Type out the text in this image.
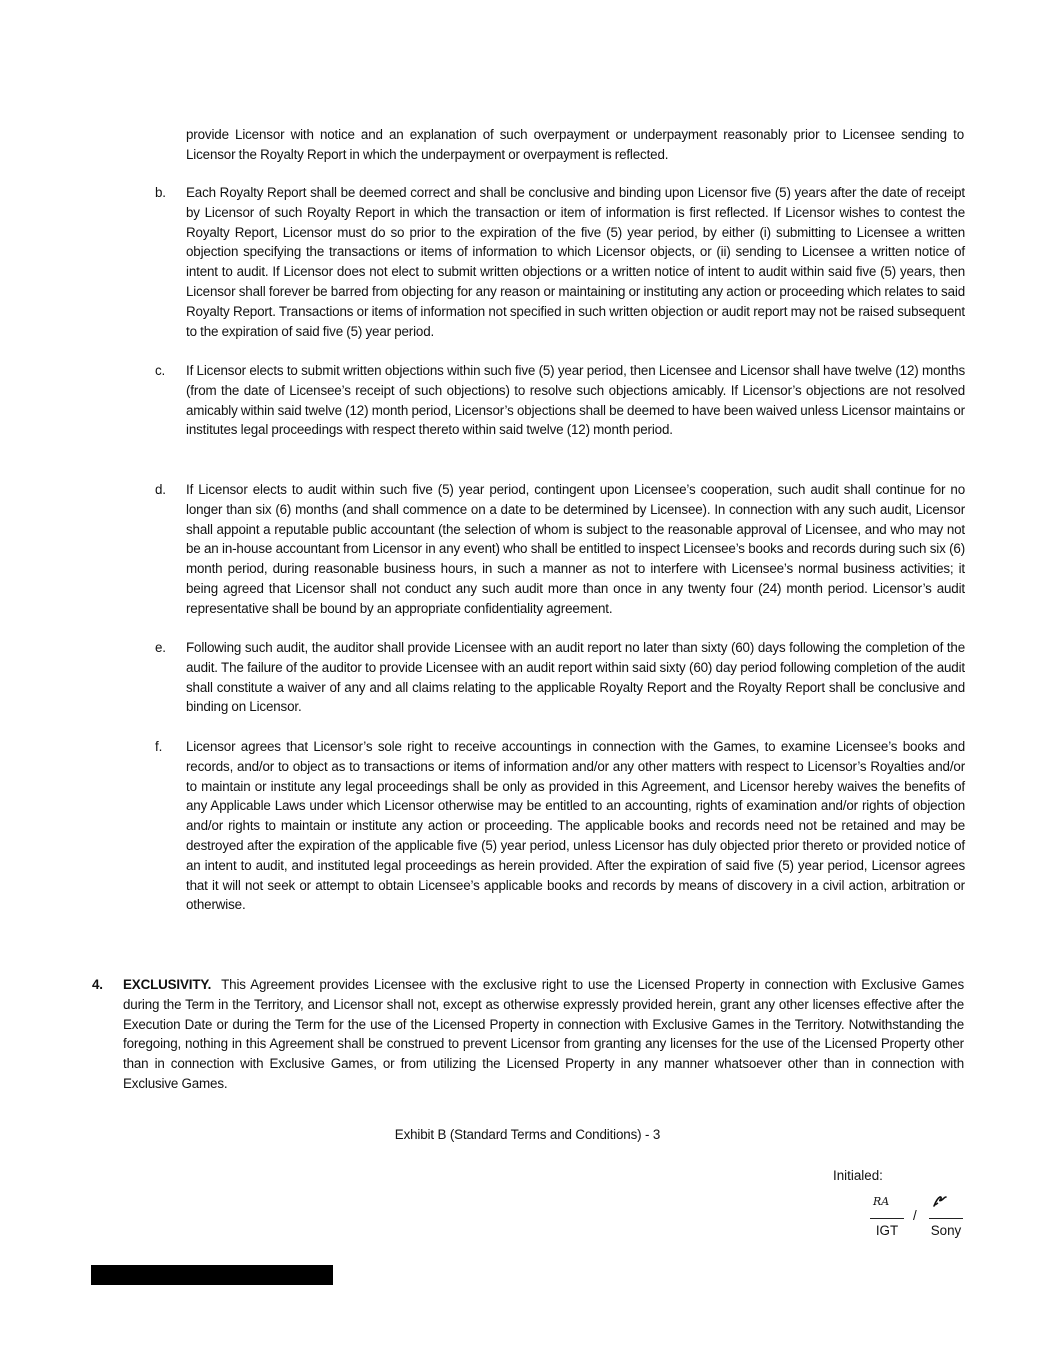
provide Licensor with notice and an explanation of such overpayment or underpayment reasonably prior to Licensee sending to Licensor the Royalty Report in which the underpayment or overpayment is reflected.
b.	Each Royalty Report shall be deemed correct and shall be conclusive and binding upon Licensor five (5) years after the date of receipt by Licensor of such Royalty Report in which the transaction or item of information is first reflected. If Licensor wishes to contest the Royalty Report, Licensor must do so prior to the expiration of the five (5) year period, by either (i) submitting to Licensee a written objection specifying the transactions or items of information to which Licensor objects, or (ii) sending to Licensee a written notice of intent to audit. If Licensor does not elect to submit written objections or a written notice of intent to audit within said five (5) years, then Licensor shall forever be barred from objecting for any reason or maintaining or instituting any action or proceeding which relates to said Royalty Report. Transactions or items of information not specified in such written objection or audit report may not be raised subsequent to the expiration of said five (5) year period.
c.	If Licensor elects to submit written objections within such five (5) year period, then Licensee and Licensor shall have twelve (12) months (from the date of Licensee’s receipt of such objections) to resolve such objections amicably. If Licensor’s objections are not resolved amicably within said twelve (12) month period, Licensor’s objections shall be deemed to have been waived unless Licensor maintains or institutes legal proceedings with respect thereto within said twelve (12) month period.
d.	If Licensor elects to audit within such five (5) year period, contingent upon Licensee’s cooperation, such audit shall continue for no longer than six (6) months (and shall commence on a date to be determined by Licensee). In connection with any such audit, Licensor shall appoint a reputable public accountant (the selection of whom is subject to the reasonable approval of Licensee, and who may not be an in-house accountant from Licensor in any event) who shall be entitled to inspect Licensee’s books and records during such six (6) month period, during reasonable business hours, in such a manner as not to interfere with Licensee’s normal business activities; it being agreed that Licensor shall not conduct any such audit more than once in any twenty four (24) month period. Licensor’s audit representative shall be bound by an appropriate confidentiality agreement.
e.	Following such audit, the auditor shall provide Licensee with an audit report no later than sixty (60) days following the completion of the audit. The failure of the auditor to provide Licensee with an audit report within said sixty (60) day period following completion of the audit shall constitute a waiver of any and all claims relating to the applicable Royalty Report and the Royalty Report shall be conclusive and binding on Licensor.
f.	Licensor agrees that Licensor’s sole right to receive accountings in connection with the Games, to examine Licensee’s books and records, and/or to object as to transactions or items of information and/or any other matters with respect to Licensor’s Royalties and/or to maintain or institute any legal proceedings shall be only as provided in this Agreement, and Licensor hereby waives the benefits of any Applicable Laws under which Licensor otherwise may be entitled to an accounting, rights of examination and/or rights of objection and/or rights to maintain or institute any action or proceeding. The applicable books and records need not be retained and may be destroyed after the expiration of the applicable five (5) year period, unless Licensor has duly objected prior thereto or provided notice of an intent to audit, and instituted legal proceedings as herein provided. After the expiration of said five (5) year period, Licensor agrees that it will not seek or attempt to obtain Licensee’s applicable books and records by means of discovery in a civil action, arbitration or otherwise.
4. EXCLUSIVITY. This Agreement provides Licensee with the exclusive right to use the Licensed Property in connection with Exclusive Games during the Term in the Territory, and Licensor shall not, except as otherwise expressly provided herein, grant any other licenses effective after the Execution Date or during the Term for the use of the Licensed Property in connection with Exclusive Games in the Territory. Notwithstanding the foregoing, nothing in this Agreement shall be construed to prevent Licensor from granting any licenses for the use of the Licensed Property other than in connection with Exclusive Games, or from utilizing the Licensed Property in any manner whatsoever other than in connection with Exclusive Games.
Exhibit B (Standard Terms and Conditions) - 3
Initialed:
RA
IGT
/
Sony
